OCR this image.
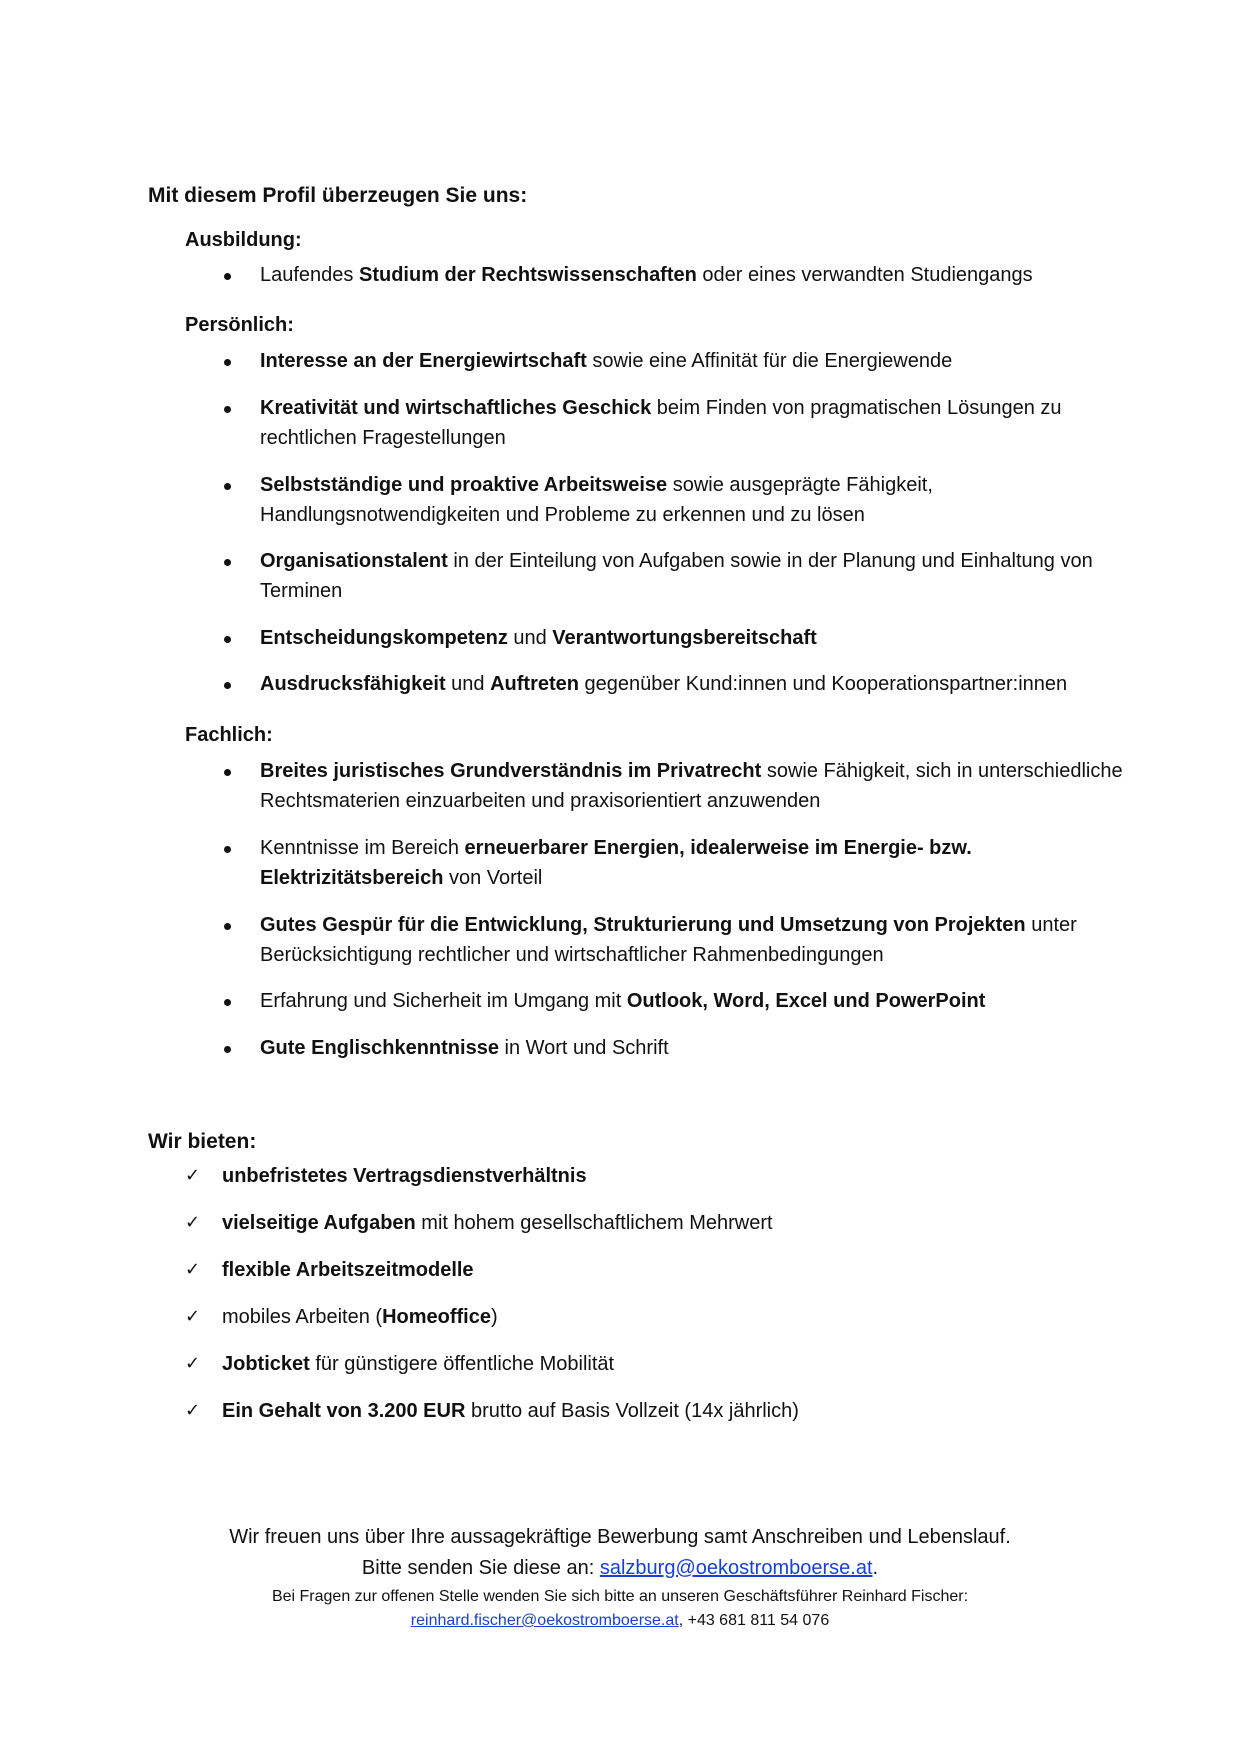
Mit diesem Profil überzeugen Sie uns:
Ausbildung:
Laufendes Studium der Rechtswissenschaften oder eines verwandten Studiengangs
Persönlich:
Interesse an der Energiewirtschaft sowie eine Affinität für die Energiewende
Kreativität und wirtschaftliches Geschick beim Finden von pragmatischen Lösungen zu rechtlichen Fragestellungen
Selbstständige und proaktive Arbeitsweise sowie ausgeprägte Fähigkeit, Handlungsnotwendigkeiten und Probleme zu erkennen und zu lösen
Organisationstalent in der Einteilung von Aufgaben sowie in der Planung und Einhaltung von Terminen
Entscheidungskompetenz und Verantwortungsbereitschaft
Ausdrucksfähigkeit und Auftreten gegenüber Kund:innen und Kooperationspartner:innen
Fachlich:
Breites juristisches Grundverständnis im Privatrecht sowie Fähigkeit, sich in unterschiedliche Rechtsmaterien einzuarbeiten und praxisorientiert anzuwenden
Kenntnisse im Bereich erneuerbarer Energien, idealerweise im Energie- bzw. Elektrizitätsbereich von Vorteil
Gutes Gespür für die Entwicklung, Strukturierung und Umsetzung von Projekten unter Berücksichtigung rechtlicher und wirtschaftlicher Rahmenbedingungen
Erfahrung und Sicherheit im Umgang mit Outlook, Word, Excel und PowerPoint
Gute Englischkenntnisse in Wort und Schrift
Wir bieten:
✓	unbefristetes Vertragsdienstverhältnis
✓	vielseitige Aufgaben mit hohem gesellschaftlichem Mehrwert
✓	flexible Arbeitszeitmodelle
✓	mobiles Arbeiten (Homeoffice)
✓	Jobticket für günstigere öffentliche Mobilität
✓	Ein Gehalt von 3.200 EUR brutto auf Basis Vollzeit (14x jährlich)
Wir freuen uns über Ihre aussagekräftige Bewerbung samt Anschreiben und Lebenslauf.
Bitte senden Sie diese an: salzburg@oekostromboerse.at.
Bei Fragen zur offenen Stelle wenden Sie sich bitte an unseren Geschäftsführer Reinhard Fischer:
reinhard.fischer@oekostromboerse.at, +43 681 811 54 076
